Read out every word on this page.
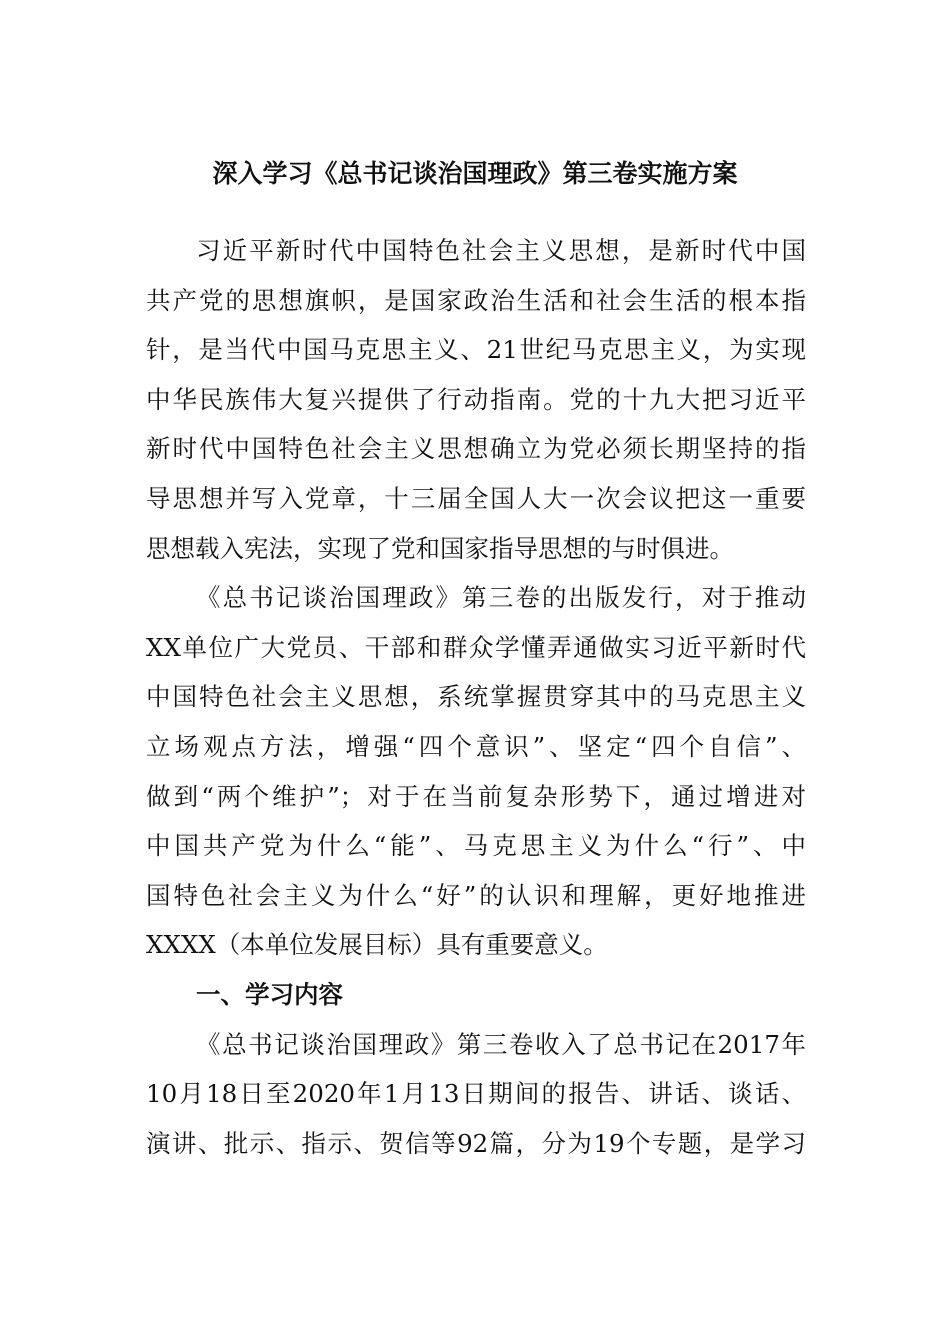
深入学习《总书记谈治国理政》第三卷实施方案
习近平新时代中国特色社会主义思想，是新时代中国
共产党的思想旗帜，是国家政治生活和社会生活的根本指
针，是当代中国马克思主义、21世纪马克思主义，为实现
中华民族伟大复兴提供了行动指南。党的十九大把习近平
新时代中国特色社会主义思想确立为党必须长期坚持的指
导思想并写入党章，十三届全国人大一次会议把这一重要
思想载入宪法，实现了党和国家指导思想的与时俱进。
《总书记谈治国理政》第三卷的出版发行，对于推动
XX单位广大党员、干部和群众学懂弄通做实习近平新时代
中国特色社会主义思想，系统掌握贯穿其中的马克思主义
立场观点方法，增强“四个意识”、坚定“四个自信”、
做到“两个维护”；对于在当前复杂形势下，通过增进对
中国共产党为什么“能”、马克思主义为什么“行”、中
国特色社会主义为什么“好”的认识和理解，更好地推进
XXXX（本单位发展目标）具有重要意义。
一、学习内容
《总书记谈治国理政》第三卷收入了总书记在2017年
10月18日至2020年1月13日期间的报告、讲话、谈话、
演讲、批示、指示、贺信等92篇，分为19个专题，是学习
